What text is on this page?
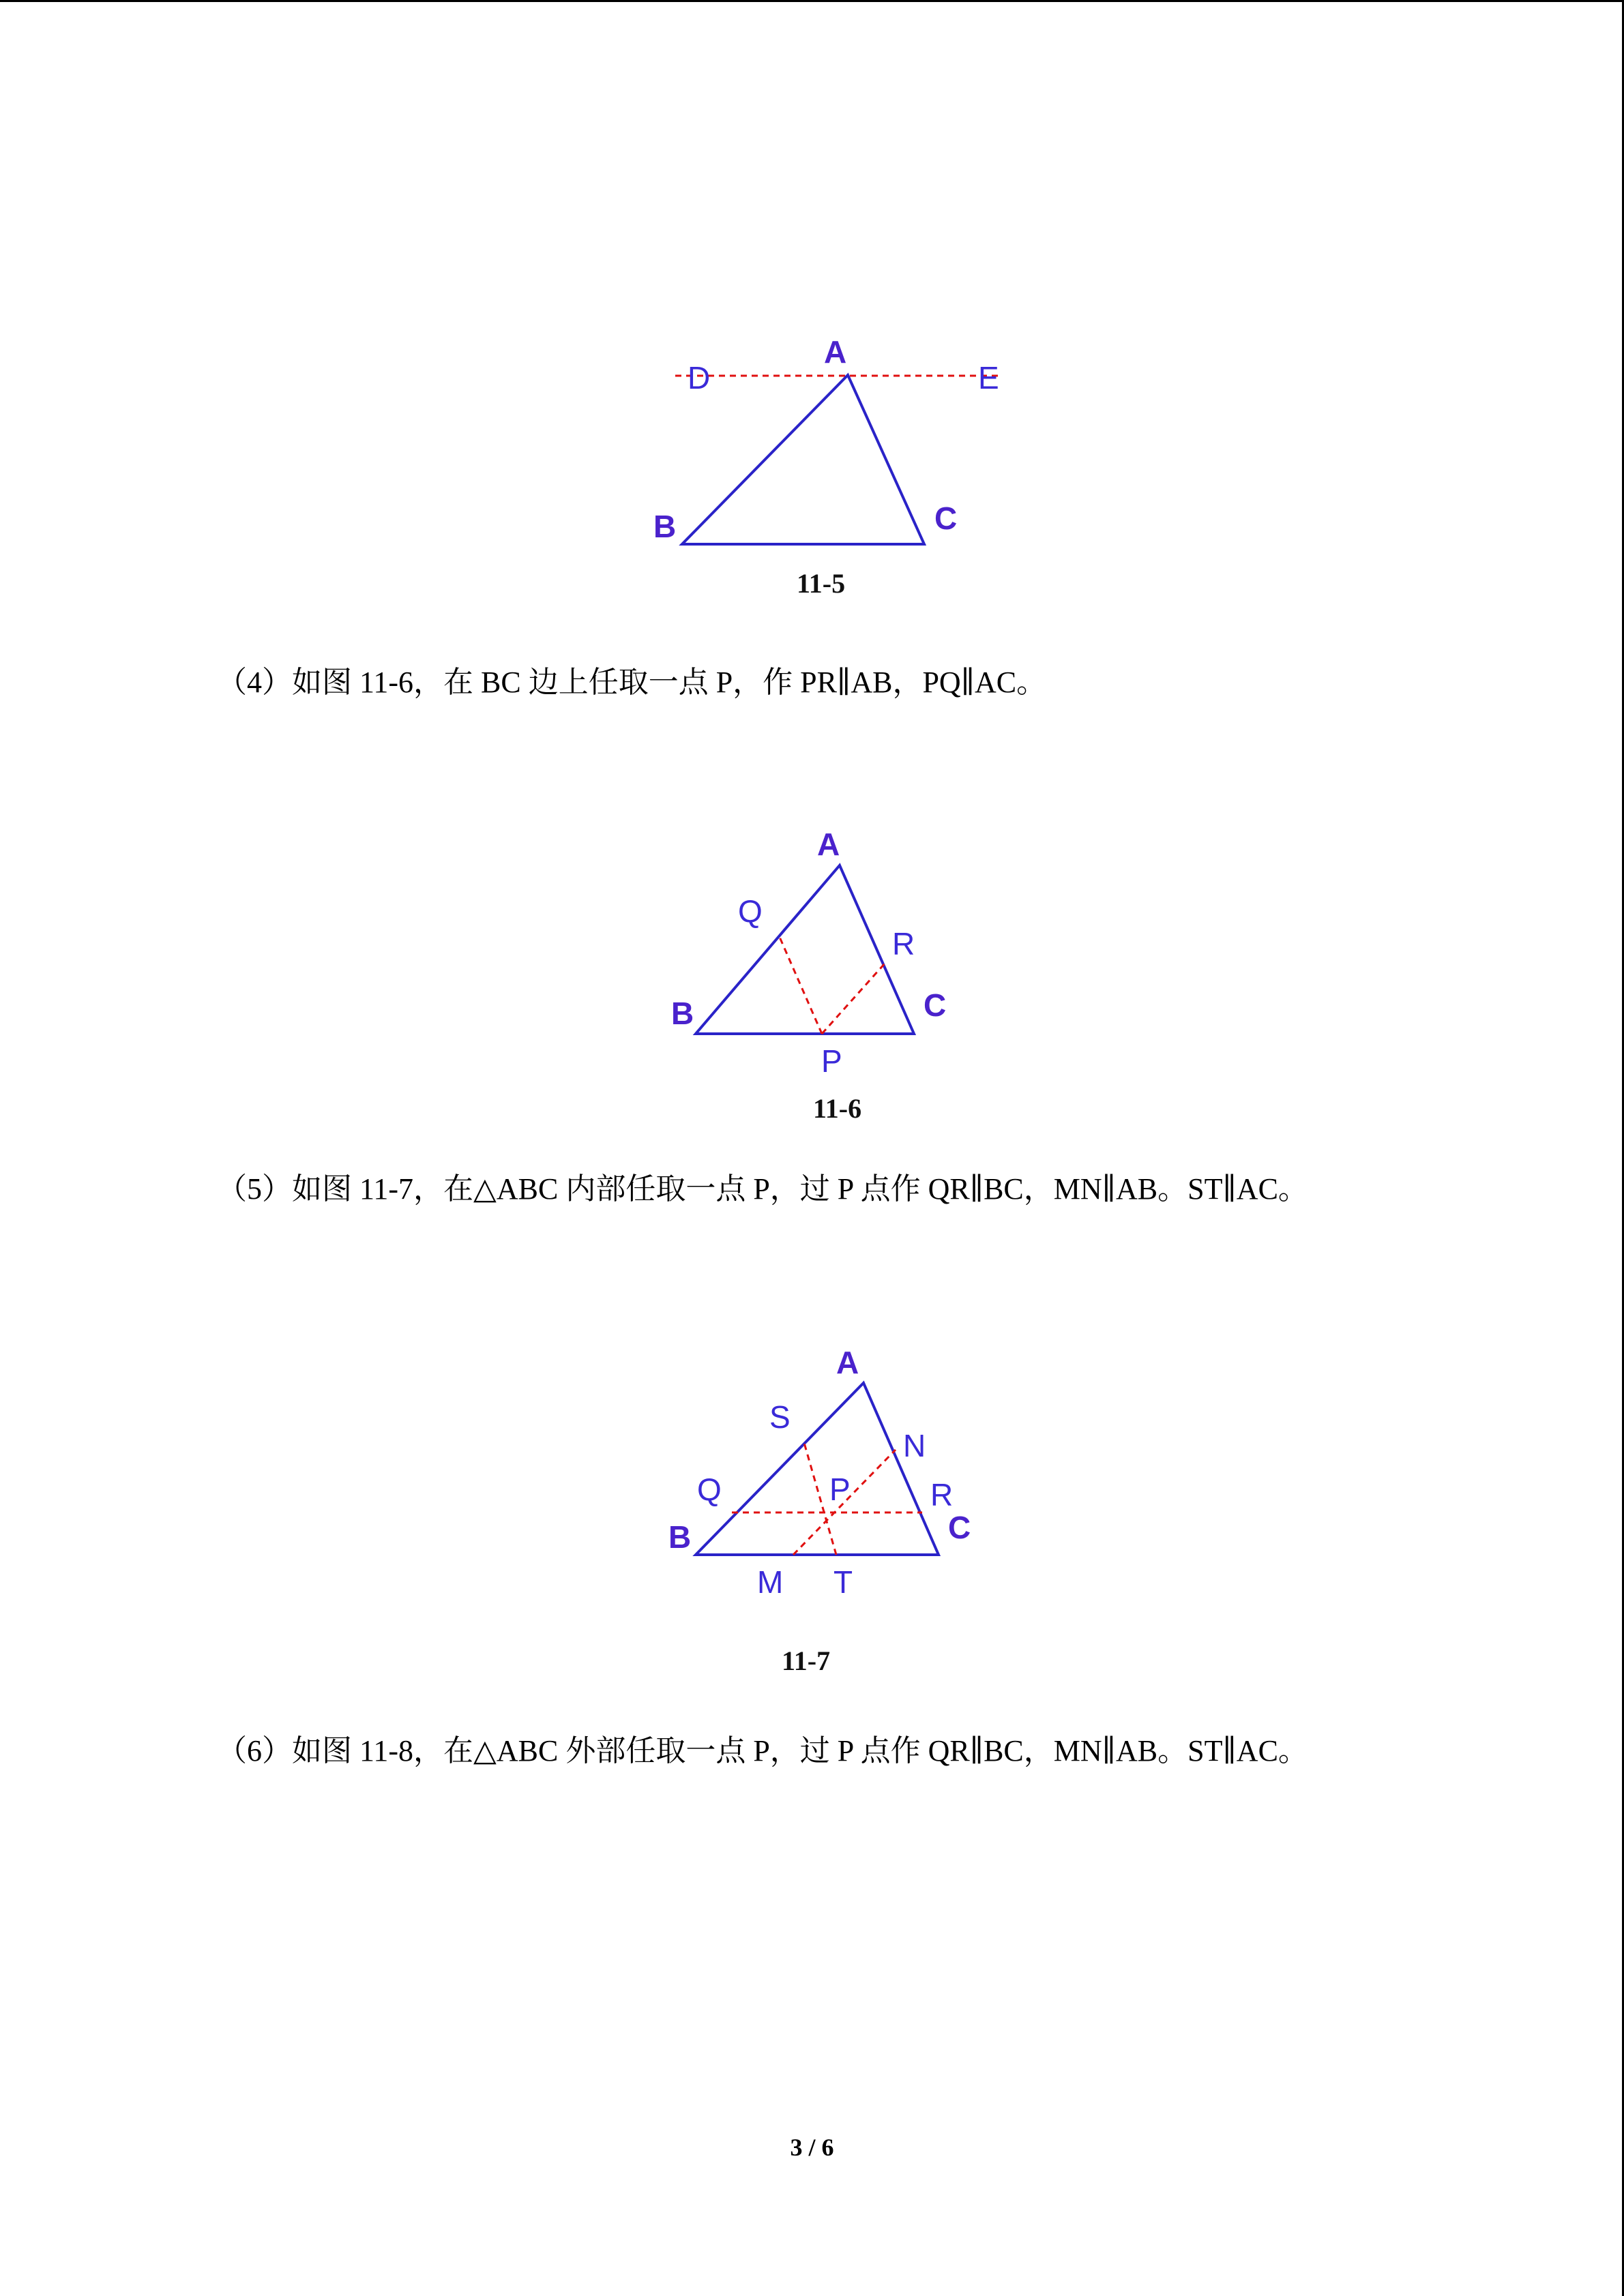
A
B	C
D	E
11-5
（4）如图 11-6，在 BC 边上任取一点 P，作 PR∥AB，PQ∥AC。
A
B	C
Q
R
P
11-6
（5）如图 11-7，在△ABC 内部任取一点 P，过 P 点作 QR∥BC，MN∥AB。ST∥AC。
A
B	C
S
N
Q	P	R
M T
11-7
（6）如图 11-8，在△ABC 外部任取一点 P，过 P 点作 QR∥BC，MN∥AB。ST∥AC。
3 / 6
